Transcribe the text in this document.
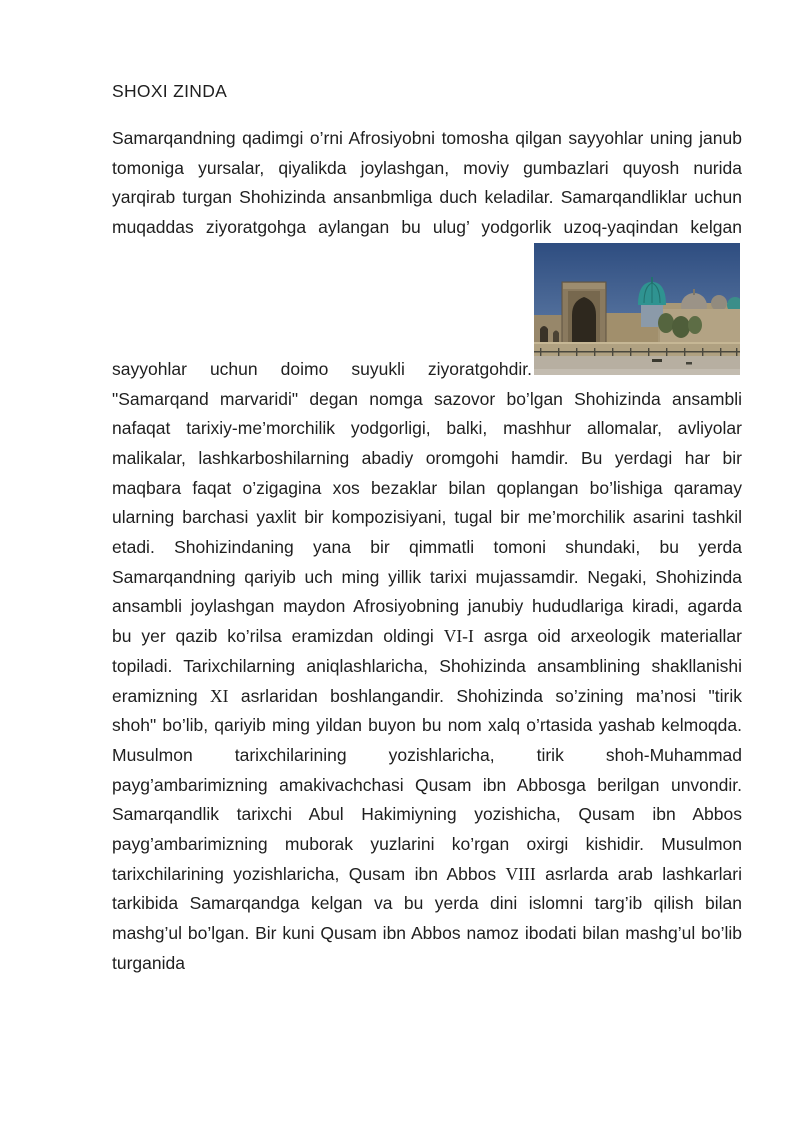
SHOXI ZINDA

Samarqandning qadimgi o’rni Afrosiyobni tomosha qilgan sayyohlar uning janub tomoniga yursalar, qiyalikda joylashgan, moviy gumbazlari quyosh nurida yarqirab turgan Shohizinda ansanbmliga duch keladilar. Samarqandliklar uchun muqaddas ziyoratgohga aylangan bu ulug’ yodgorlik uzoq-yaqindan kelgan sayyohlar uchun doimo suyukli ziyoratgohdir. "Samarqand marvaridi" degan nomga sazovor bo’lgan Shohizinda ansambli nafaqat tarixiy-me’morchilik yodgorligi, balki, mashhur allomalar, avliyolar malikalar, lashkarboshilarning abadiy oromgohi hamdir. Bu yerdagi har bir maqbara faqat o’zigagina xos bezaklar bilan qoplangan bo’lishiga qaramay ularning barchasi yaxlit bir kompozisiyani, tugal bir me’morchilik asarini tashkil etadi. Shohizindaning yana bir qimmatli tomoni shundaki, bu yerda Samarqandning qariyib uch ming yillik tarixi mujassamdir. Negaki, Shohizinda ansambli joylashgan maydon Afrosiyobning janubiy hududlariga kiradi, agarda bu yer qazib ko’rilsa eramizdan oldingi VI-I asrga oid arxeologik materiallar topiladi. Tarixchilarning aniqlashlaricha, Shohizinda ansamblining shakllanishi eramizning XI asrlaridan boshlangandir. Shohizinda so’zining ma’nosi "tirik shoh" bo’lib, qariyib ming yildan buyon bu nom xalq o’rtasida yashab kelmoqda. Musulmon tarixchilarining yozishlaricha, tirik shoh-Muhammad payg’ambarimizning amakivachchasi Qusam ibn Abbosga berilgan unvondir. Samarqandlik tarixchi Abul Hakimiyning yozishicha, Qusam ibn Abbos payg’ambarimizning muborak yuzlarini ko’rgan oxirgi kishidir. Musulmon tarixchilarining yozishlaricha, Qusam ibn Abbos VIII asrlarda arab lashkarlari tarkibida Samarqandga kelgan va bu yerda dini islomni targ’ib qilish bilan mashg’ul bo’lgan. Bir kuni Qusam ibn Abbos namoz ibodati bilan mashg’ul bo’lib turganida
